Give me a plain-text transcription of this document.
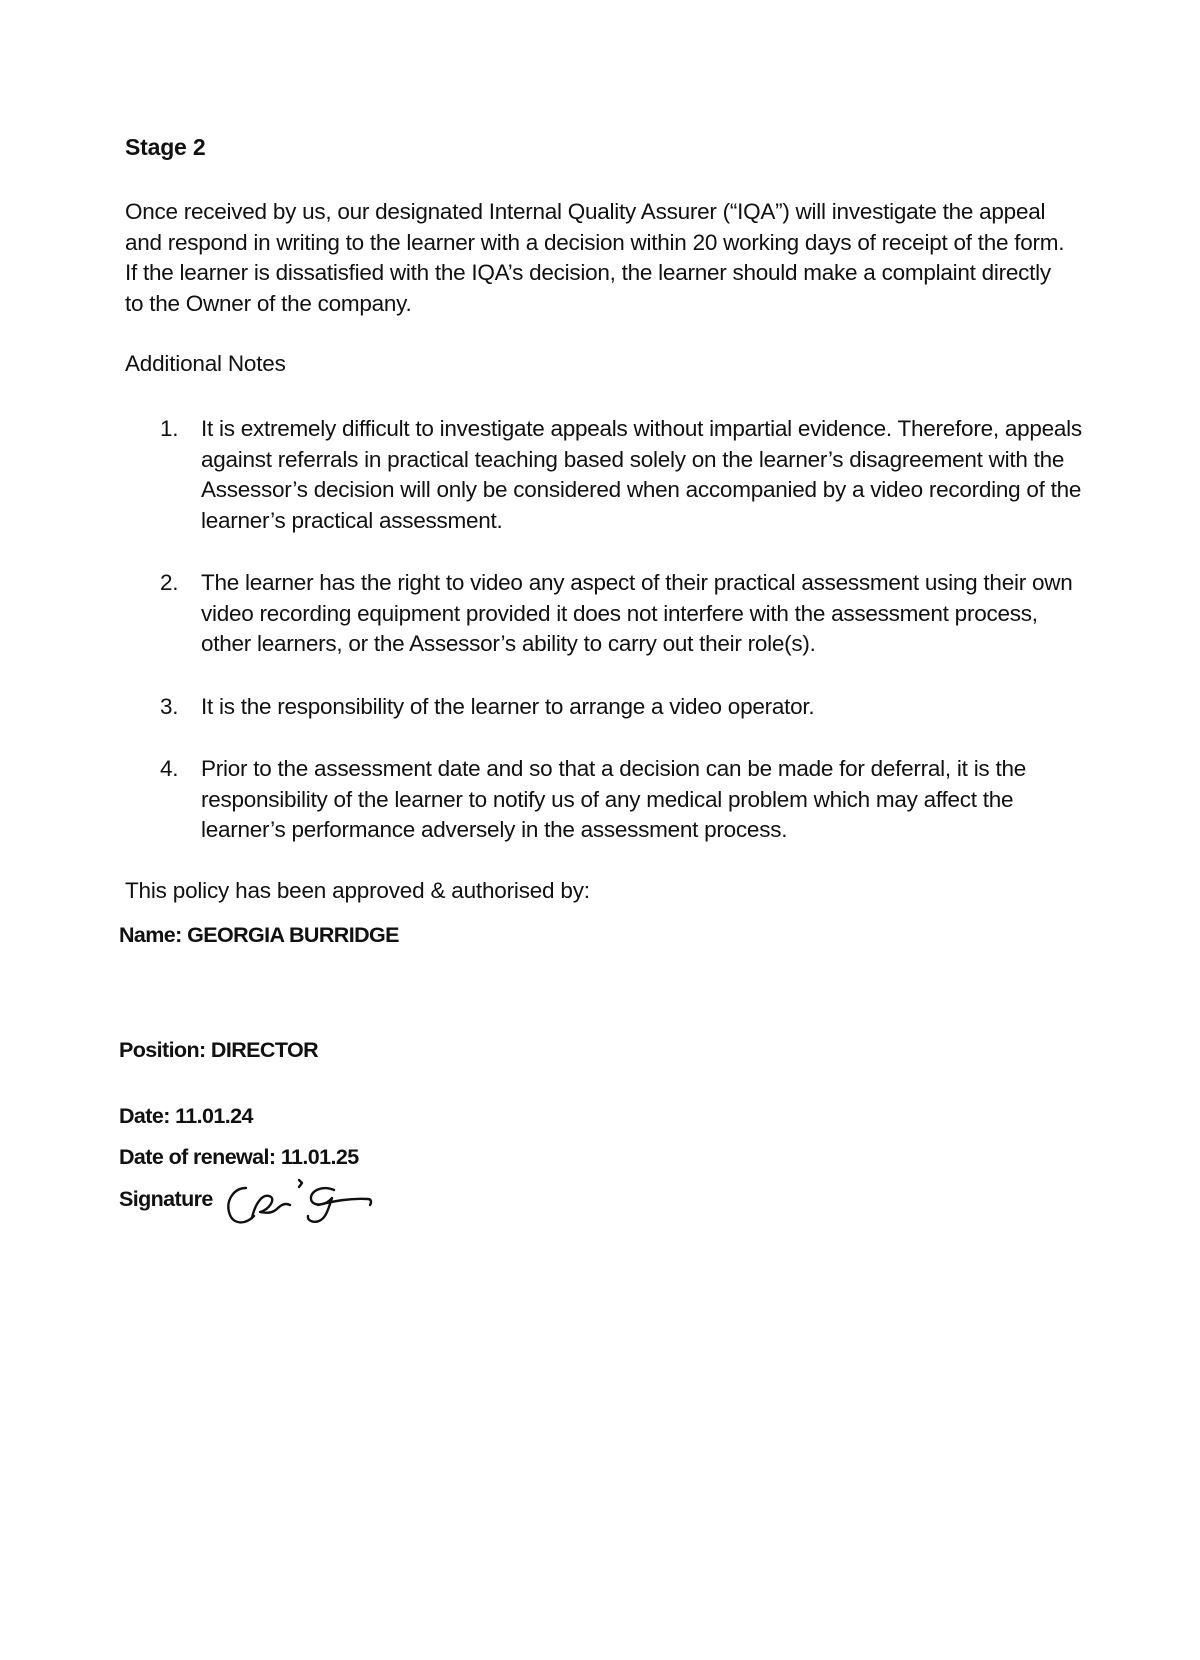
Stage 2
Once received by us, our designated Internal Quality Assurer (“IQA”) will investigate the appeal and respond in writing to the learner with a decision within 20 working days of receipt of the form. If the learner is dissatisfied with the IQA’s decision, the learner should make a complaint directly to the Owner of the company.
Additional Notes
1.	It is extremely difficult to investigate appeals without impartial evidence. Therefore, appeals against referrals in practical teaching based solely on the learner’s disagreement with the Assessor’s decision will only be considered when accompanied by a video recording of the learner’s practical assessment.
2.	The learner has the right to video any aspect of their practical assessment using their own video recording equipment provided it does not interfere with the assessment process, other learners, or the Assessor’s ability to carry out their role(s).
3.	It is the responsibility of the learner to arrange a video operator.
4.	Prior to the assessment date and so that a decision can be made for deferral, it is the responsibility of the learner to notify us of any medical problem which may affect the learner’s performance adversely in the assessment process.
This policy has been approved & authorised by:
Name: GEORGIA BURRIDGE
Position: DIRECTOR
Date: 11.01.24
Date of renewal: 11.01.25
Signature
